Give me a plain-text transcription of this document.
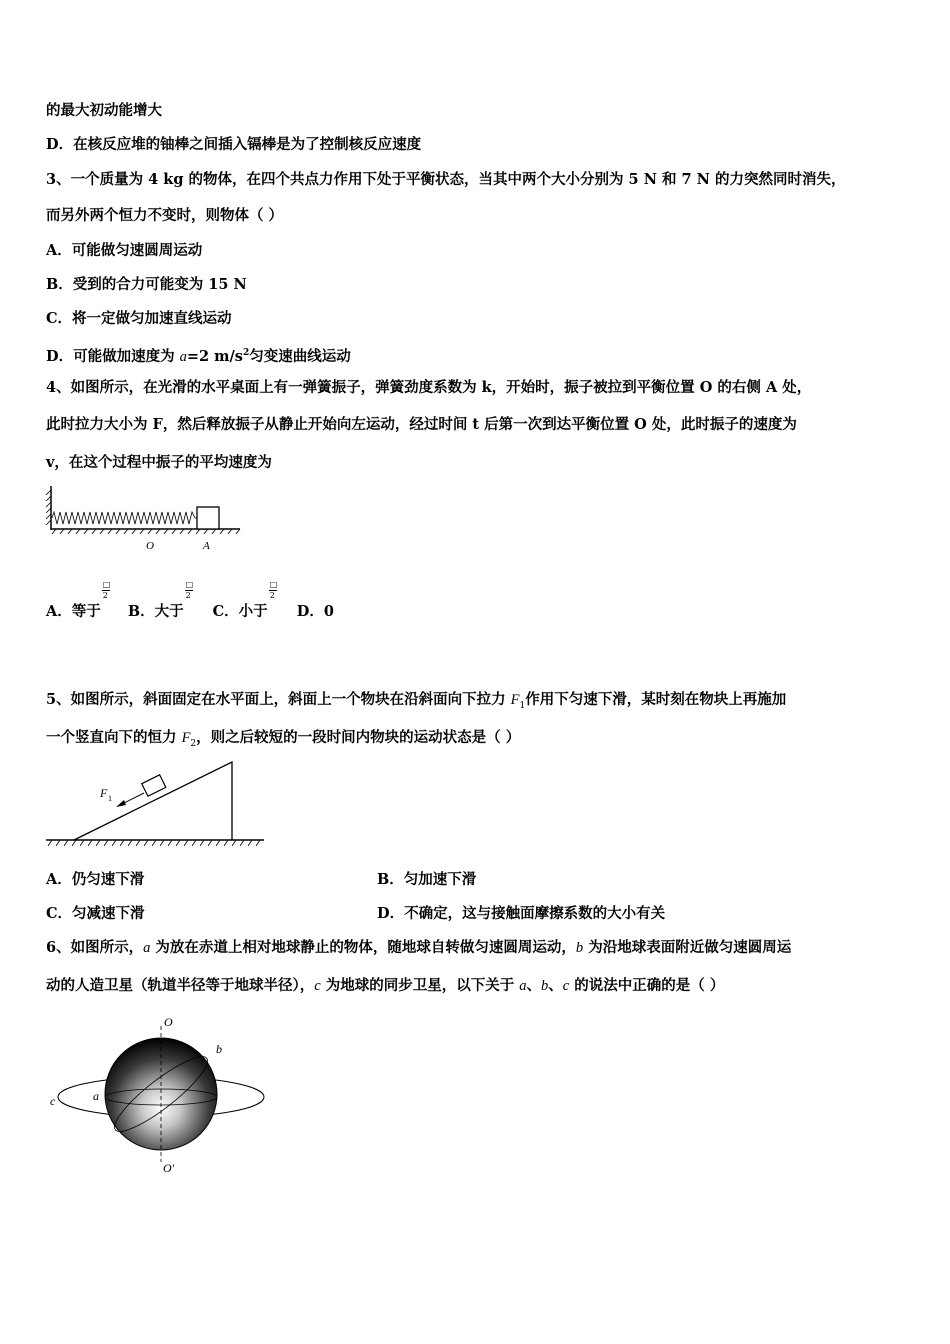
的最大初动能增大
D．在核反应堆的铀棒之间插入镉棒是为了控制核反应速度
3、一个质量为 4 kg 的物体，在四个共点力作用下处于平衡状态，当其中两个大小分别为 5 N 和 7 N 的力突然同时消失，
而另外两个恒力不变时，则物体（ ）
A．可能做匀速圆周运动
B．受到的合力可能变为 15 N
C．将一定做匀加速直线运动
D．可能做加速度为 a=2 $m/s^2$匀变速曲线运动
4、如图所示，在光滑的水平桌面上有一弹簧振子，弹簧劲度系数为 k，开始时，振子被拉到平衡位置 O 的右侧 A 处，
此时拉力大小为 F，然后释放振子从静止开始向左运动，经过时间 t 后第一次到达平衡位置 O 处，此时振子的速度为
v，在这个过程中振子的平均速度为
O	A
A．等于 $\frac{□}{2}$ B．大于 $\frac{□}{2}$ C．小于 $\frac{□}{2}$ D．0
5、如图所示，斜面固定在水平面上，斜面上一个物块在沿斜面向下拉力 $F_1$作用下匀速下滑，某时刻在物块上再施加
一个竖直向下的恒力 $F_2$，则之后较短的一段时间内物块的运动状态是（ ）
F 1
A．仍匀速下滑	B．匀加速下滑
C．匀减速下滑	D．不确定，这与接触面摩擦系数的大小有关
6、如图所示，a 为放在赤道上相对地球静止的物体，随地球自转做匀速圆周运动，b 为沿地球表面附近做匀速圆周运
动的人造卫星（轨道半径等于地球半径），c 为地球的同步卫星，以下关于 a、b、c 的说法中正确的是（ ）
O
O′
b
c	a
